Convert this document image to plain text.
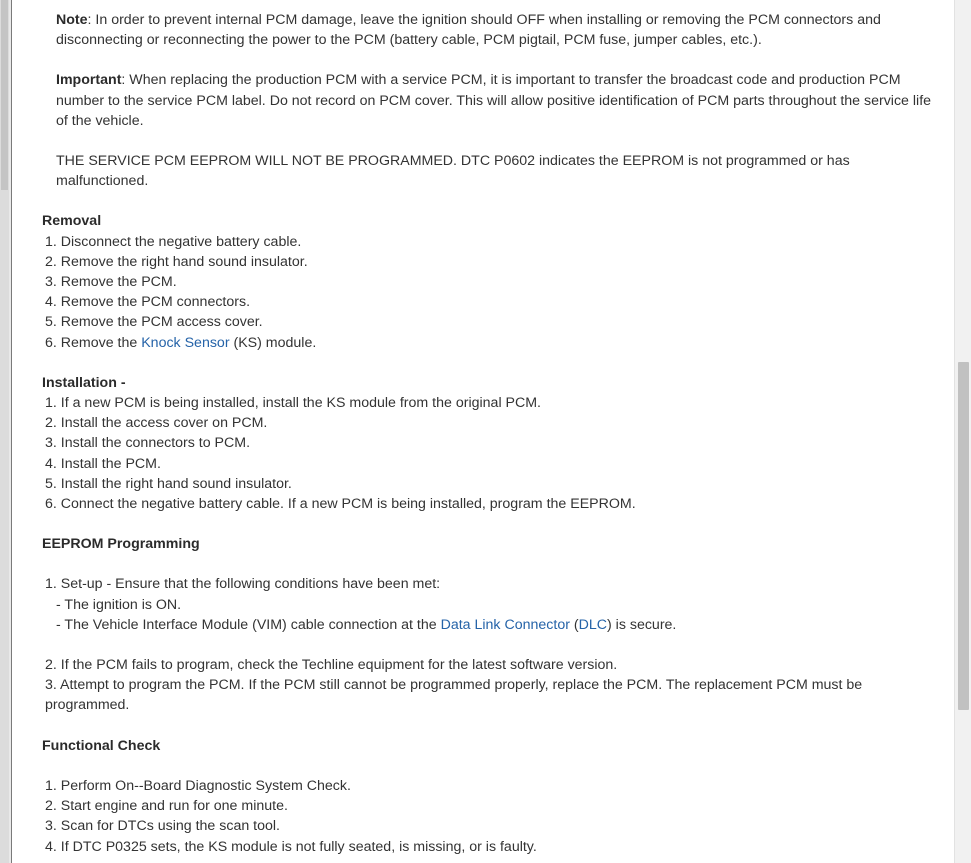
Note: In order to prevent internal PCM damage, leave the ignition should OFF when installing or removing the PCM connectors and disconnecting or reconnecting the power to the PCM (battery cable, PCM pigtail, PCM fuse, jumper cables, etc.).

Important: When replacing the production PCM with a service PCM, it is important to transfer the broadcast code and production PCM number to the service PCM label. Do not record on PCM cover. This will allow positive identification of PCM parts throughout the service life of the vehicle.

THE SERVICE PCM EEPROM WILL NOT BE PROGRAMMED. DTC P0602 indicates the EEPROM is not programmed or has malfunctioned.

Removal

1. Disconnect the negative battery cable.

2. Remove the right hand sound insulator.

3. Remove the PCM.

4. Remove the PCM connectors.

5. Remove the PCM access cover.

6. Remove the Knock Sensor (KS) module.

Installation -

1. If a new PCM is being installed, install the KS module from the original PCM.

2. Install the access cover on PCM.

3. Install the connectors to PCM.

4. Install the PCM.

5. Install the right hand sound insulator.

6. Connect the negative battery cable. If a new PCM is being installed, program the EEPROM.

EEPROM Programming

1. Set-up - Ensure that the following conditions have been met:

- The ignition is ON.

- The Vehicle Interface Module (VIM) cable connection at the Data Link Connector (DLC) is secure.

2. If the PCM fails to program, check the Techline equipment for the latest software version.

3. Attempt to program the PCM. If the PCM still cannot be programmed properly, replace the PCM. The replacement PCM must be programmed.

Functional Check

1. Perform On--Board Diagnostic System Check.

2. Start engine and run for one minute.

3. Scan for DTCs using the scan tool.

4. If DTC P0325 sets, the KS module is not fully seated, is missing, or is faulty.
